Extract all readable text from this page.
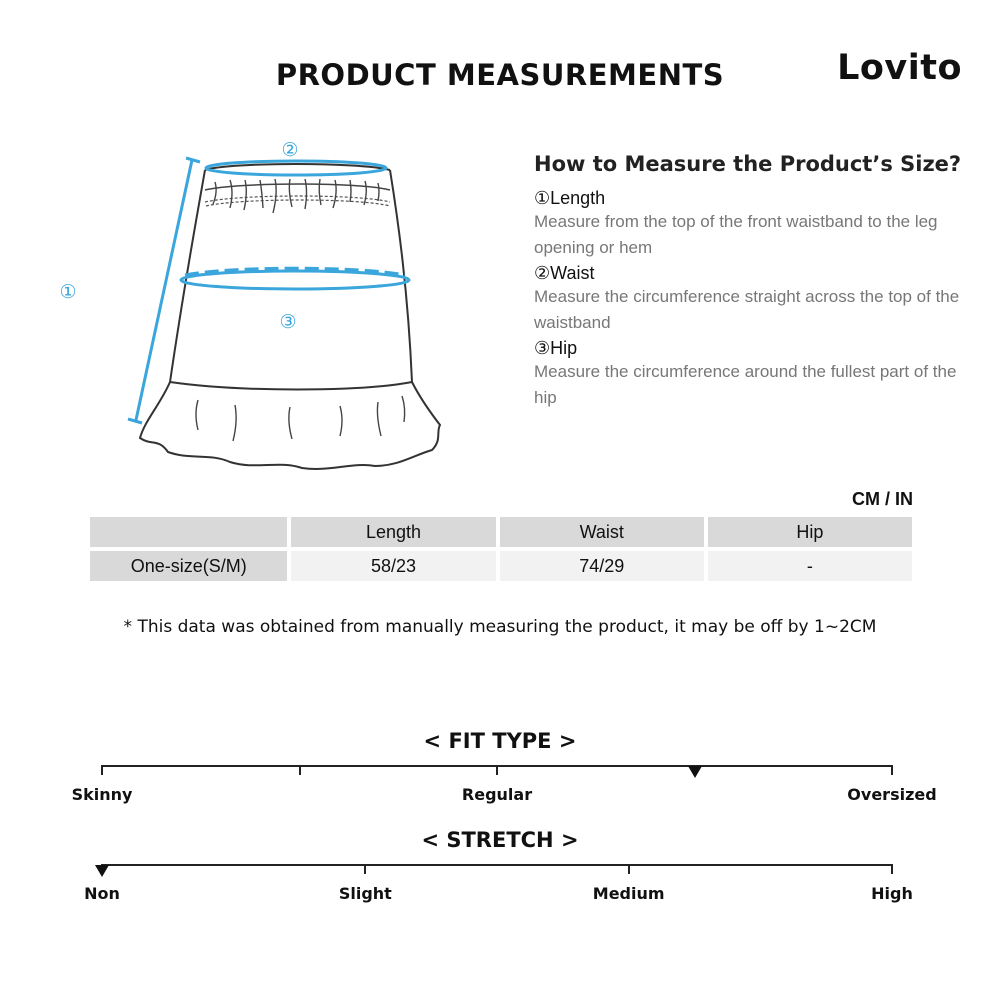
PRODUCT MEASUREMENTS	Lovito
②
①
③
How to Measure the Product’s Size?
①Length
Measure from the top of the front waistband to the leg opening or hem
②Waist
Measure the circumference straight across the top of the waistband
③Hip
Measure the circumference around the fullest part of the hip
CM / IN
	Length	Waist	Hip
One-size(S/M)	58/23	74/29	-
* This data was obtained from manually measuring the product, it may be off by 1~2CM
< FIT TYPE >
Skinny	Regular	Oversized
< STRETCH >
Non	Slight	Medium	High
